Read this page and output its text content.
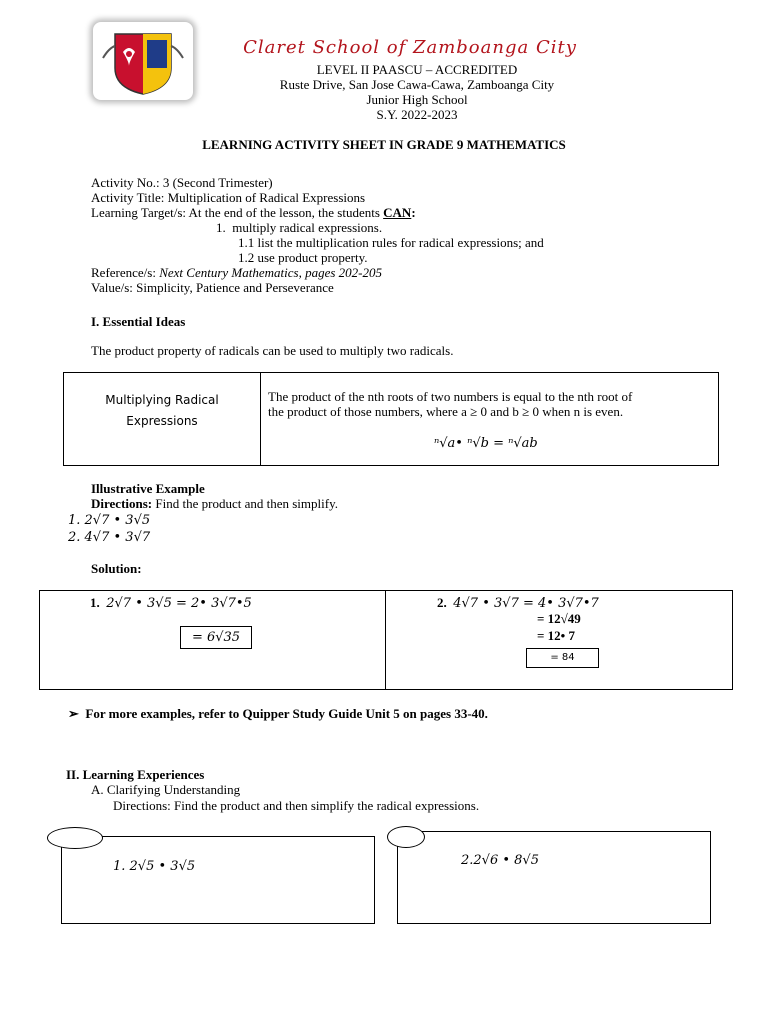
Claret School of Zamboanga City
LEVEL II PAASCU – ACCREDITED
Ruste Drive, San Jose Cawa-Cawa, Zamboanga City
Junior High School
S.Y. 2022-2023
LEARNING ACTIVITY SHEET IN GRADE 9 MATHEMATICS
Activity No.: 3 (Second Trimester)
Activity Title: Multiplication of Radical Expressions
Learning Target/s: At the end of the lesson, the students CAN:
1. multiply radical expressions.
1.1 list the multiplication rules for radical expressions; and
1.2 use product property.
Reference/s: Next Century Mathematics, pages 202-205
Value/s: Simplicity, Patience and Perseverance
I. Essential Ideas
The product property of radicals can be used to multiply two radicals.
Multiplying Radical
Expressions
The product of the nth roots of two numbers is equal to the nth root of
the product of those numbers, where a ≥ 0 and b ≥ 0 when n is even.
ⁿ√a• ⁿ√b = ⁿ√ab
Illustrative Example
Directions: Find the product and then simplify.
1. 2√7 • 3√5
2. 4√7 • 3√7
Solution:
1. 2√7 • 3√5 = 2• 3√7•5
= 6√35
2. 4√7 • 3√7 = 4• 3√7•7
= 12√49
= 12• 7
= 84
➢ For more examples, refer to Quipper Study Guide Unit 5 on pages 33-40.
II. Learning Experiences
A. Clarifying Understanding
Directions: Find the product and then simplify the radical expressions.
1. 2√5 • 3√5	2.2√6 • 8√5
